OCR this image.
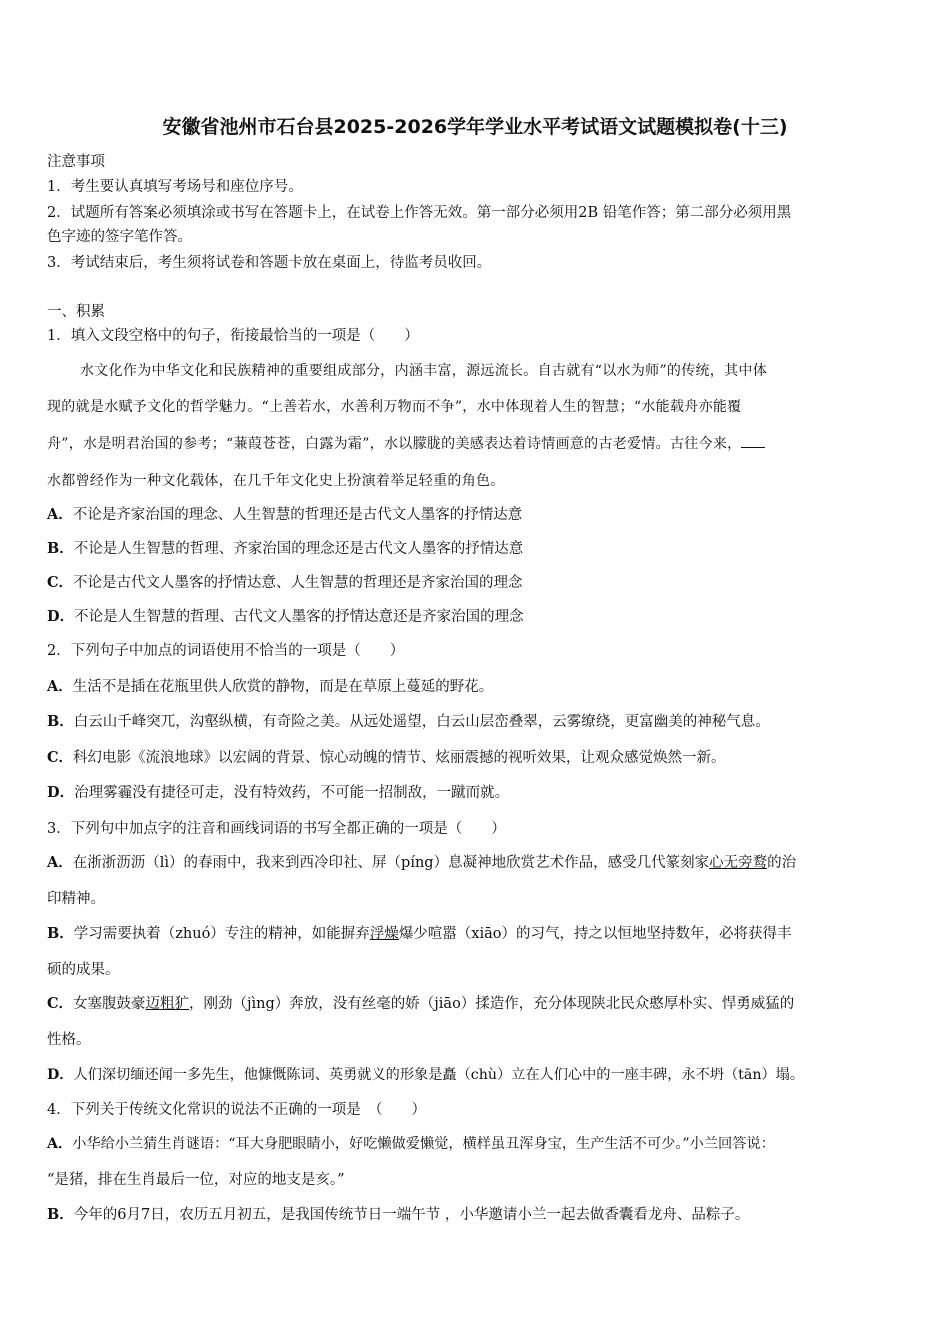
安徽省池州市石台县2025-2026学年学业水平考试语文试题模拟卷(十三)
注意事项
1．考生要认真填写考场号和座位序号。
2．试题所有答案必须填涂或书写在答题卡上，在试卷上作答无效。第一部分必须用2B 铅笔作答；第二部分必须用黑
色字迹的签字笔作答。
3．考试结束后，考生须将试卷和答题卡放在桌面上，待监考员收回。
一、积累
1．填入文段空格中的句子，衔接最恰当的一项是（　　）
水文化作为中华文化和民族精神的重要组成部分，内涵丰富，源远流长。自古就有“以水为师”的传统，其中体
现的就是水赋予文化的哲学魅力。“上善若水，水善利万物而不争”，水中体现着人生的智慧；“水能载舟亦能覆
舟”，水是明君治国的参考；“蒹葭苍苍，白露为霜”，水以朦胧的美感表达着诗情画意的古老爱情。古往今来，
水都曾经作为一种文化载体，在几千年文化史上扮演着举足轻重的角色。
A．不论是齐家治国的理念、人生智慧的哲理还是古代文人墨客的抒情达意
B．不论是人生智慧的哲理、齐家治国的理念还是古代文人墨客的抒情达意
C．不论是古代文人墨客的抒情达意、人生智慧的哲理还是齐家治国的理念
D．不论是人生智慧的哲理、古代文人墨客的抒情达意还是齐家治国的理念
2．下列句子中加点的词语使用不恰当的一项是（　　）
A．生活不是插在花瓶里供人欣赏的静物，而是在草原上蔓延的野花。
B．白云山千峰突兀，沟壑纵横，有奇险之美。从远处遥望，白云山层峦叠翠，云雾缭绕，更富幽美的神秘气息。
C．科幻电影《流浪地球》以宏阔的背景、惊心动魄的情节、炫丽震撼的视听效果，让观众感觉焕然一新。
D．治理雾霾没有捷径可走，没有特效药，不可能一招制敌，一蹴而就。
3．下列句中加点字的注音和画线词语的书写全都正确的一项是（　　）
A．在浙浙沥沥（lì）的春雨中，我来到西冷印社、屏（píng）息凝神地欣赏艺术作品，感受几代篆刻家心无旁鹜的治
印精神。
B．学习需要执着（zhuó）专注的精神，如能摒弃浮燥爆少喧嚣（xiāo）的习气，持之以恒地坚持数年，必将获得丰
硕的成果。
C．女塞腹鼓豪迈粗犷，刚劲（jìng）奔放，没有丝毫的娇（jiāo）揉造作，充分体现陕北民众憨厚朴实、悍勇威猛的
性格。
D．人们深切缅还闻一多先生，他慷慨陈词、英勇就义的形象是矗（chù）立在人们心中的一座丰碑，永不坍（tān）塌。
4．下列关于传统文化常识的说法不正确的一项是　（　　）
A．小华给小兰猜生肖谜语：“耳大身肥眼睛小，好吃懒做爱懒觉，横样虽丑浑身宝，生产生活不可少。”小兰回答说：
“是猪，排在生肖最后一位，对应的地支是亥。”
B．今年的6月7日，农历五月初五，是我国传统节日一端午节 ，小华邀请小兰一起去做香囊看龙舟、品粽子。
